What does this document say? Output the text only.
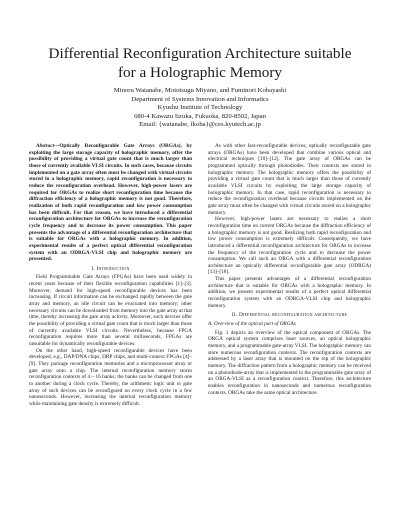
Differential Reconfiguration Architecture suitable
for a Holographic Memory
Minoru Watanabe, Mototsugu Miyano, and Fuminori Kobayashi
Department of Systems Innovation and Informatics
Kyushu Institute of Technology
680-4 Kawazu Iizuka, Fukuoka, 820-8502, Japan
Email: {watanabe, fkoba}@ces.kyutech.ac.jp

Abstract—Optically Reconfigurable Gate Arrays (ORGAs), by exploiting the large storage capacity of holographic memory, offer the possibility of providing a virtual gate count that is much larger than those of currently available VLSI circuits. In such cases, because circuits implemented on a gate array often must be changed with virtual circuits stored in a holographic memory, rapid reconfiguration is necessary to reduce the reconfiguration overhead. However, high-power lasers are required for ORGAs to realize short reconfiguration time because the diffraction efficiency of a holographic memory is not good. Therefore, realization of both rapid reconfiguration and low power consumption has been difficult. For that reason, we have introduced a differential reconfiguration architecture for ORGAs to increase the reconfiguration cycle frequency and to decrease its power consumption. This paper presents the advantage of a differential reconfiguration architecture that is suitable for ORGAs with a holographic memory. In addition, experimental results of a perfect optical differential reconfiguration system with an ODRGA-VLSI chip and holographic memory are presented.

I. Introduction

Field Programmable Gate Arrays (FPGAs) have been used widely in recent years because of their flexible reconfiguration capabilities [1]–[3]. Moreover, demand for high-speed reconfigurable devices has been increasing. If circuit information can be exchanged rapidly between the gate array and memory, an idle circuit can be evacuated into memory; other necessary circuits can be downloaded from memory into the gate array at that time, thereby increasing the gate array activity. Moreover, such devices offer the possibility of providing a virtual gate count that is much larger than those of currently available VLSI circuits. Nevertheless, because FPGA reconfiguration requires more than several milliseconds, FPGAs are unsuitable for dynamically reconfigurable devices.

On the other hand, high-speed reconfigurable devices have been developed, e.g., DAP/DNA chips, DRP chips, and multi-context FPGAs [4]–[9]. They package reconfiguration memories and a microprocessor array or gate array onto a chip. The internal reconfiguration memory stores reconfiguration contexts of 4 – 16 banks; the banks can be changed from one to another during a clock cycle. Thereby, the arithmetic logic unit or gate array of such devices can be reconfigured on every clock cycle in a few nanoseconds. However, increasing the internal reconfiguration memory while maintaining gate density is extremely difficult.

As with other fast-reconfigurable devices, optically reconfigurable gate arrays (ORGAs) have been developed that combine various optical and electrical techniques [10]–[12]. The gate array of ORGAs can be programmed optically through photodiodes. Their contexts are stored in holographic memory. The holographic memory offers the possibility of providing a virtual gate count that is much larger than those of currently available VLSI circuits by exploiting the large storage capacity of holographic memory. In that case, rapid reconfiguration is necessary to reduce the reconfiguration overhead because circuits implemented on the gate array must often be changed with virtual circuits stored on a holographic memory.

However, high-power lasers are necessary to realize a short reconfiguration time on current ORGAs because the diffraction efficiency of a holographic memory is not good. Realizing both rapid reconfiguration and low power consumption is extremely difficult. Consequently, we have introduced a differential reconfiguration architecture for ORGAs to increase the frequency of the reconfiguration cycle and to decrease the power consumption. We call such an ORGA with a differential reconfiguration architecture an optically differential reconfigurable gate array (ODRGA) [13]–[18].

This paper presents advantages of a differential reconfiguration architecture that is suitable for ORGAs with a holographic memory. In addition, we present experimental results of a perfect optical differential reconfiguration system with an ODRGA-VLSI chip and holographic memory.

II. Differential reconfiguration architecture
A. Overview of the optical part of ORGAs

Fig. 1 depicts an overview of the optical component of ORGAs. The ORGA optical system comprises laser sources, an optical holographic memory, and a programmable gate-array VLSI. The holographic memory can store numerous reconfiguration contexts. The reconfiguration contexts are addressed by a laser array that is mounted on the top of the holographic memory. The diffraction pattern from a holographic memory can be received on a photodiode-array that is implemented in the programmable gate array of an ORGA-VLSI as a reconfiguration context. Therefore, this architecture enables reconfiguration in nanoseconds and numerous reconfiguration contexts. ORGAs take the same optical architecture.
